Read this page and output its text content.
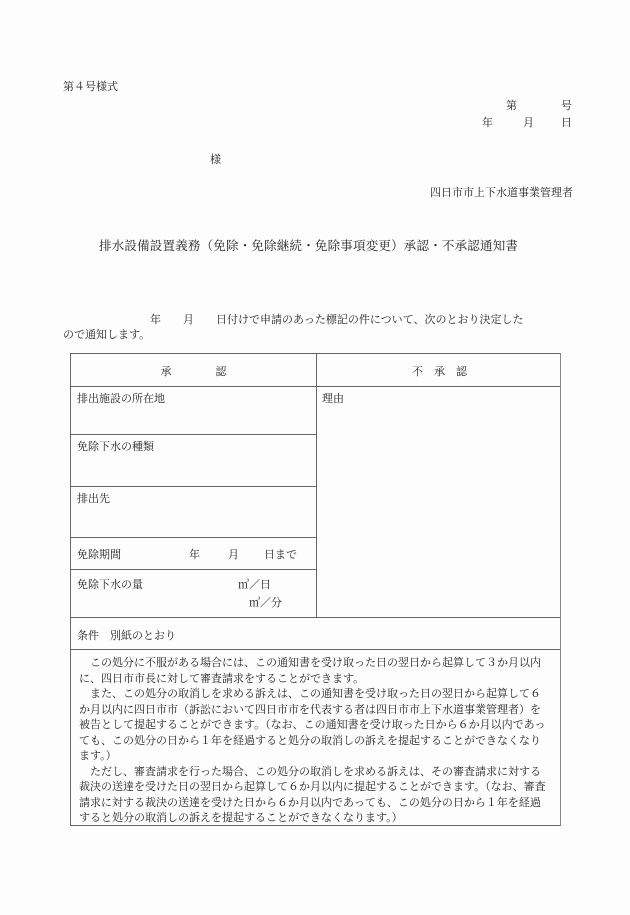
第４号様式
第	号
年	月 日
様
四日市市上下水道事業管理者
排水設備設置義務（免除・免除継続・免除事項変更）承認・不承認通知書
年　　月　　日付けで申請のあった標記の件について、次のとおり決定した
ので通知します。
承　　　　認	不　承　認
排出施設の所在地
免除下水の種類
排出先
免除期間	年	月 日まで
免除下水の量	㎥／日
㎥／分
理由
条件　別紙のとおり

　この処分に不服がある場合には、この通知書を受け取った日の翌日から起算して３か月以内に、四日市市長に対して審査請求をすることができます。

　また、この処分の取消しを求める訴えは、この通知書を受け取った日の翌日から起算して６か月以内に四日市市（訴訟において四日市市を代表する者は四日市市上下水道事業管理者）を被告として提起することができます。（なお、この通知書を受け取った日から６か月以内であっても、この処分の日から１年を経過すると処分の取消しの訴えを提起することができなくなります。）

　ただし、審査請求を行った場合、この処分の取消しを求める訴えは、その審査請求に対する裁決の送達を受けた日の翌日から起算して６か月以内に提起することができます。（なお、審査請求に対する裁決の送達を受けた日から６か月以内であっても、この処分の日から１年を経過すると処分の取消しの訴えを提起することができなくなります。）
